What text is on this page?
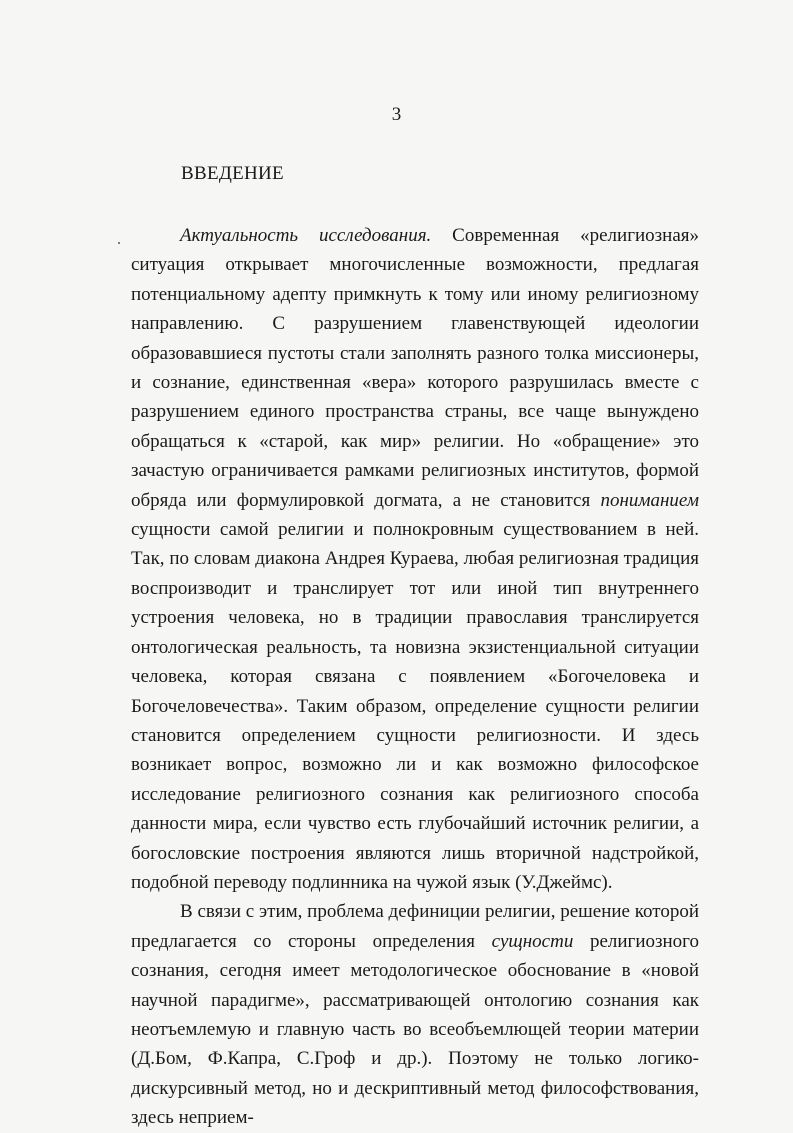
3
ВВЕДЕНИЕ

Актуальность исследования. Современная «религиозная» ситуация открывает многочисленные возможности, предлагая потенциальному адепту примкнуть к тому или иному религиозному направлению. С разрушением главенствующей идеологии образовавшиеся пустоты стали заполнять разного толка миссионеры, и сознание, единственная «вера» которого разрушилась вместе с разрушением единого пространства страны, все чаще вынуждено обращаться к «старой, как мир» религии. Но «обращение» это зачастую ограничивается рамками религиозных институтов, формой обряда или формулировкой догмата, а не становится пониманием сущности самой религии и полнокровным существованием в ней. Так, по словам диакона Андрея Кураева, любая религиозная традиция воспроизводит и транслирует тот или иной тип внутреннего устроения человека, но в традиции православия транслируется онтологическая реальность, та новизна экзистенциальной ситуации человека, которая связана с появлением «Богочеловека и Богочеловечества». Таким образом, определение сущности религии становится определением сущности религиозности. И здесь возникает вопрос, возможно ли и как возможно философское исследование религиозного сознания как религиозного способа данности мира, если чувство есть глубочайший источник религии, а богословские построения являются лишь вторичной надстройкой, подобной переводу подлинника на чужой язык (У.Джеймс).

В связи с этим, проблема дефиниции религии, решение которой предлагается со стороны определения сущности религиозного сознания, сегодня имеет методологическое обоснование в «новой научной парадигме», рассматривающей онтологию сознания как неотъемлемую и главную часть во всеобъемлющей теории материи (Д.Бом, Ф.Капра, С.Гроф и др.). Поэтому не только логико-дискурсивный метод, но и дескриптивный метод философствования, здесь неприем-
